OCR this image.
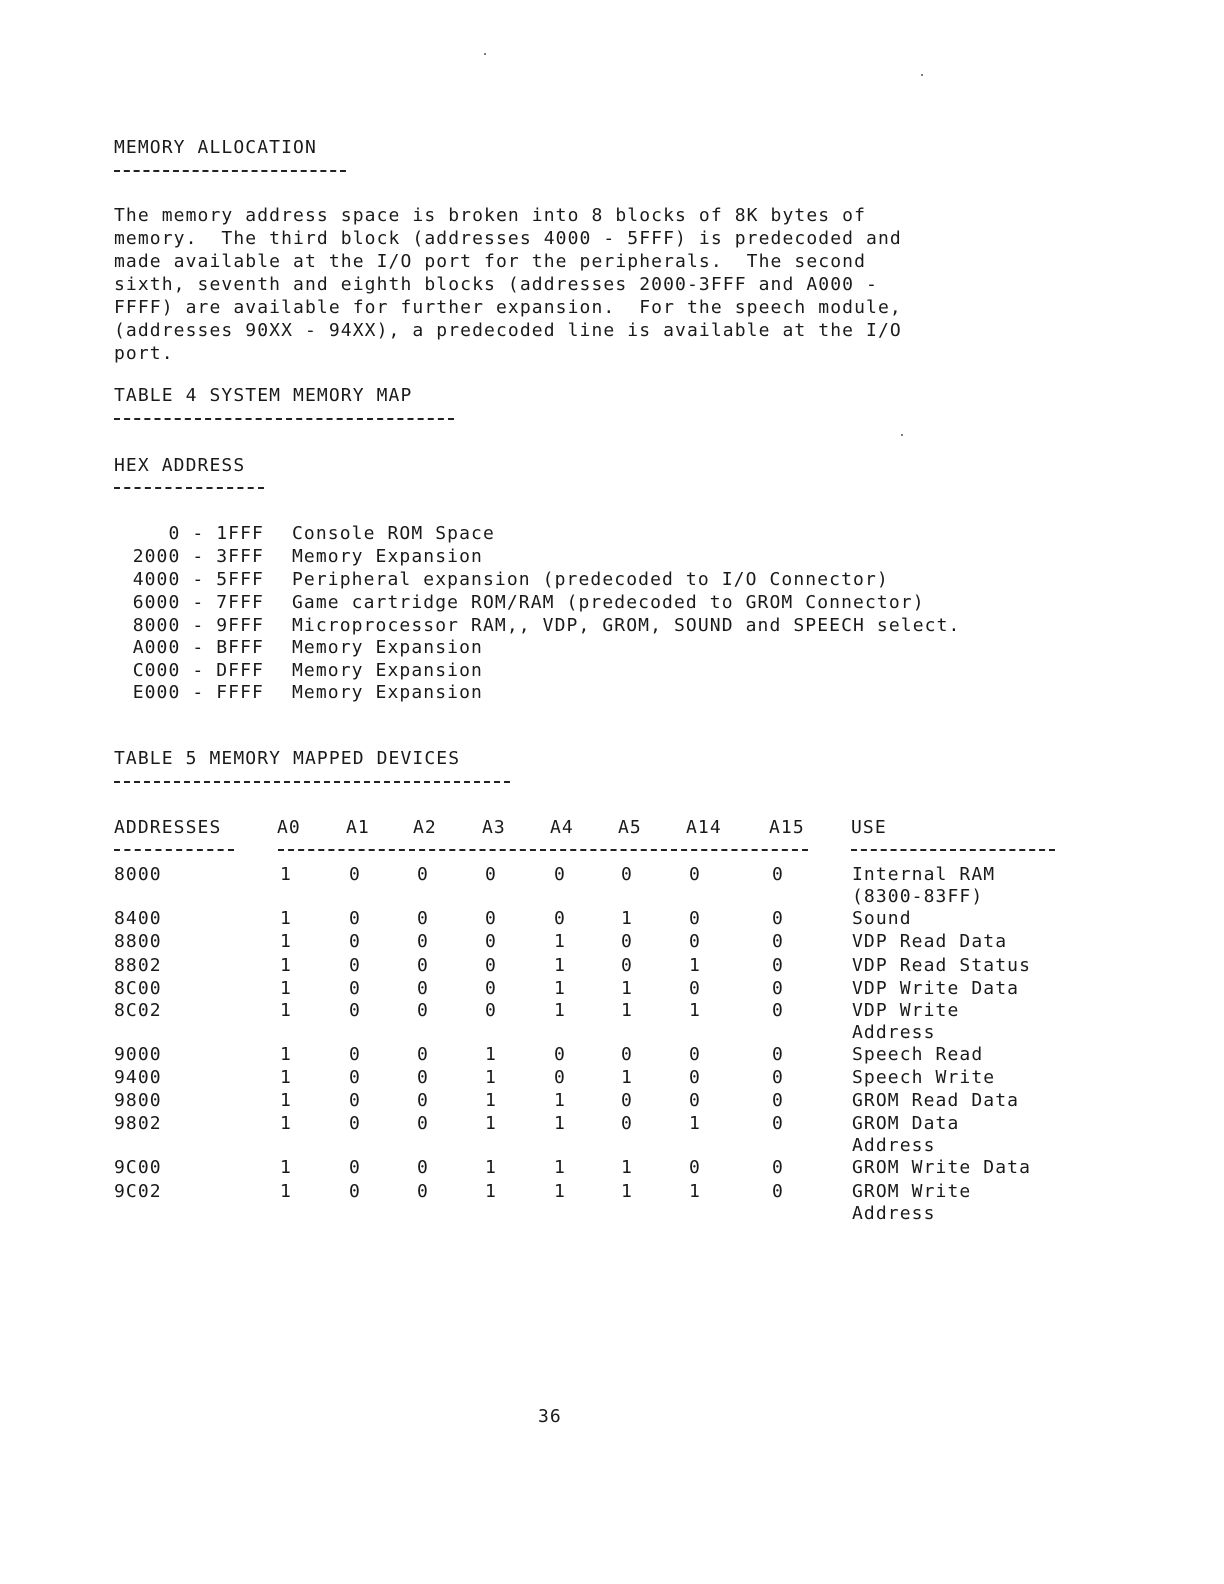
MEMORY ALLOCATION
The memory address space is broken into 8 blocks of 8K bytes of
memory.  The third block (addresses 4000 - 5FFF) is predecoded and
made available at the I/O port for the peripherals.  The second
sixth, seventh and eighth blocks (addresses 2000-3FFF and A000 -
FFFF) are available for further expansion.  For the speech module,
(addresses 90XX - 94XX), a predecoded line is available at the I/O
port.
TABLE 4 SYSTEM MEMORY MAP
HEX ADDRESS
0 - 1FFF Console ROM Space
2000 - 3FFF Memory Expansion
4000 - 5FFF Peripheral expansion (predecoded to I/O Connector)
6000 - 7FFF Game cartridge ROM/RAM (predecoded to GROM Connector)
8000 - 9FFF Microprocessor RAM,, VDP, GROM, SOUND and SPEECH select.
A000 - BFFF Memory Expansion
C000 - DFFF Memory Expansion
E000 - FFFF Memory Expansion
TABLE 5 MEMORY MAPPED DEVICES
ADDRESSES	A0	A1 A2	A3 A4 A5 A14	A15	USE
8000	1	0	0	0	0	0	0	0	Internal RAM
(8300-83FF)
8400	1	0	0	0	0	1	0	0	Sound
8800	1	0	0	0	1	0	0	0	VDP Read Data
8802	1	0	0	0	1	0	1	0	VDP Read Status
8C00	1	0	0	0	1	1	0	0	VDP Write Data
8C02	1	0	0	0	1	1	1	0	VDP Write
Address
9000	1	0	0	1	0	0	0	0	Speech Read
9400	1	0	0	1	0	1	0	0	Speech Write
9800	1	0	0	1	1	0	0	0	GROM Read Data
9802	1	0	0	1	1	0	1	0	GROM Data
Address
9C00	1	0	0	1	1	1	0	0	GROM Write Data
9C02	1	0	0	1	1	1	1	0	GROM Write
Address
36
